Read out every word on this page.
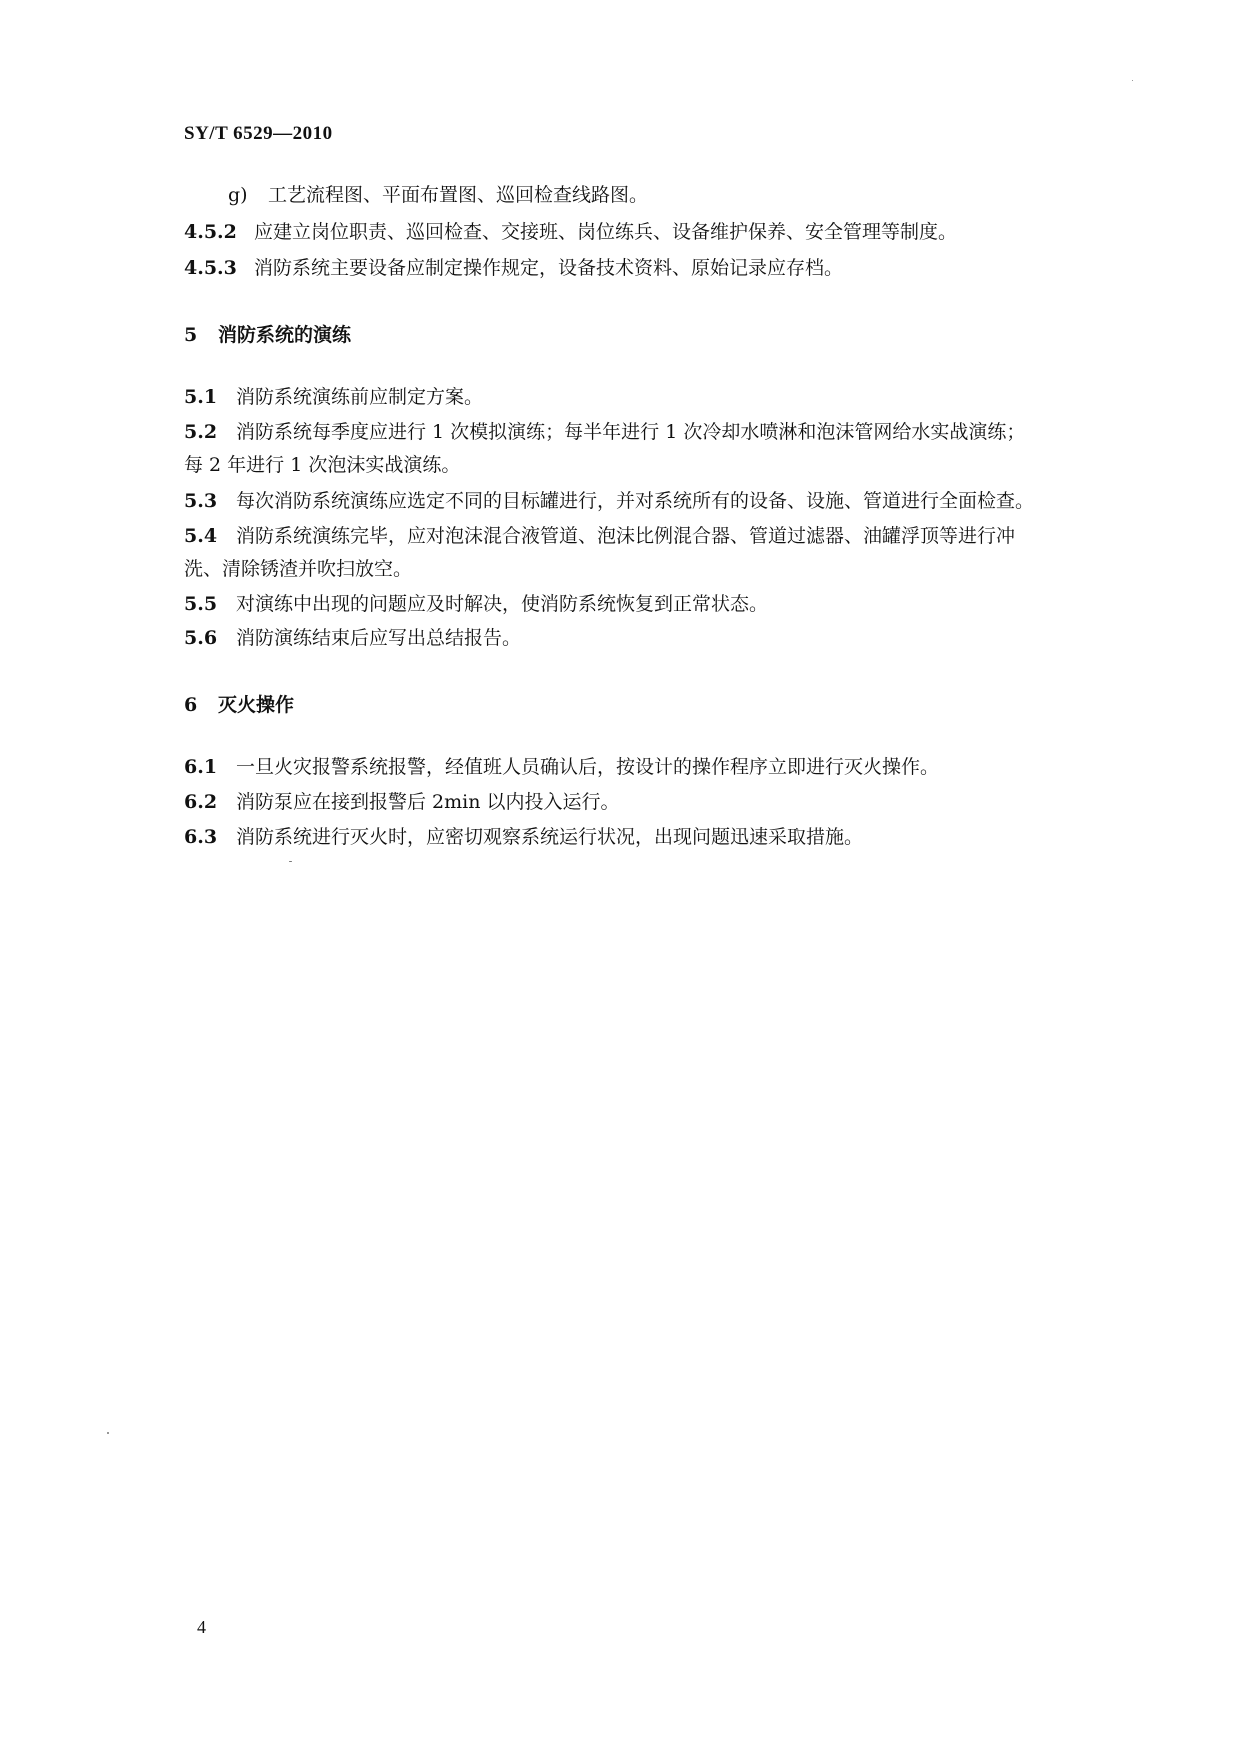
SY/T 6529—2010
g) 工艺流程图、平面布置图、巡回检查线路图。
4.5.2 应建立岗位职责、巡回检查、交接班、岗位练兵、设备维护保养、安全管理等制度。
4.5.3 消防系统主要设备应制定操作规定，设备技术资料、原始记录应存档。
5 消防系统的演练
5.1 消防系统演练前应制定方案。
5.2 消防系统每季度应进行 1 次模拟演练；每半年进行 1 次冷却水喷淋和泡沫管网给水实战演练；
每 2 年进行 1 次泡沫实战演练。
5.3 每次消防系统演练应选定不同的目标罐进行，并对系统所有的设备、设施、管道进行全面检查。
5.4 消防系统演练完毕，应对泡沫混合液管道、泡沫比例混合器、管道过滤器、油罐浮顶等进行冲
洗、清除锈渣并吹扫放空。
5.5 对演练中出现的问题应及时解决，使消防系统恢复到正常状态。
5.6 消防演练结束后应写出总结报告。
6 灭火操作
6.1 一旦火灾报警系统报警，经值班人员确认后，按设计的操作程序立即进行灭火操作。
6.2 消防泵应在接到报警后 2min 以内投入运行。
6.3 消防系统进行灭火时，应密切观察系统运行状况，出现问题迅速采取措施。
4
